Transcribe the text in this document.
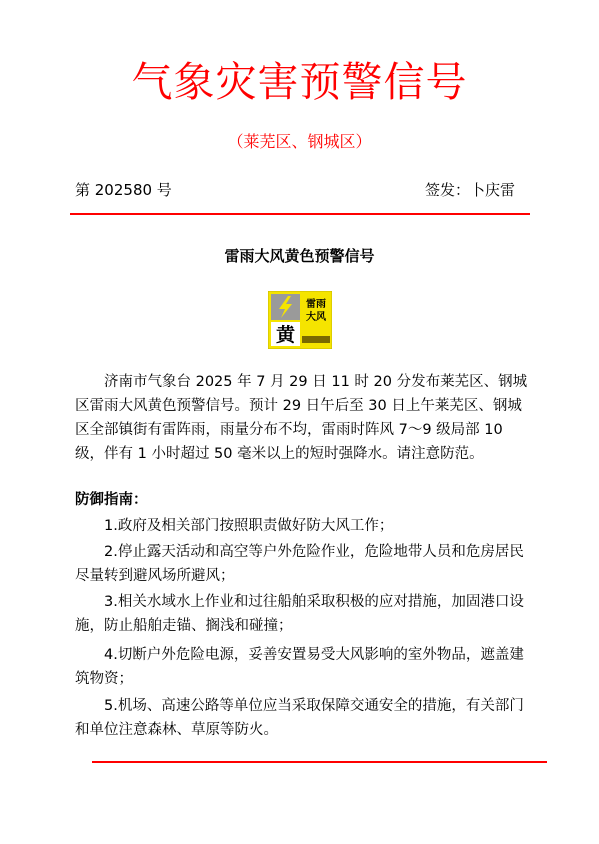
气象灾害预警信号
（莱芜区、钢城区）
第 202580 号	签发：卜庆雷
雷雨大风黄色预警信号
黄
雷雨
大风
济南市气象台 2025 年 7 月 29 日 11 时 20 分发布莱芜区、钢城区雷雨大风黄色预警信号。预计 29 日午后至 30 日上午莱芜区、钢城区全部镇街有雷阵雨，雨量分布不均，雷雨时阵风 7～9 级局部 10 级，伴有 1 小时超过 50 毫米以上的短时强降水。请注意防范。
防御指南：
1.政府及相关部门按照职责做好防大风工作；
2.停止露天活动和高空等户外危险作业，危险地带人员和危房居民尽量转到避风场所避风；
3.相关水域水上作业和过往船舶采取积极的应对措施，加固港口设施，防止船舶走锚、搁浅和碰撞；
4.切断户外危险电源，妥善安置易受大风影响的室外物品，遮盖建筑物资；
5.机场、高速公路等单位应当采取保障交通安全的措施，有关部门和单位注意森林、草原等防火。
